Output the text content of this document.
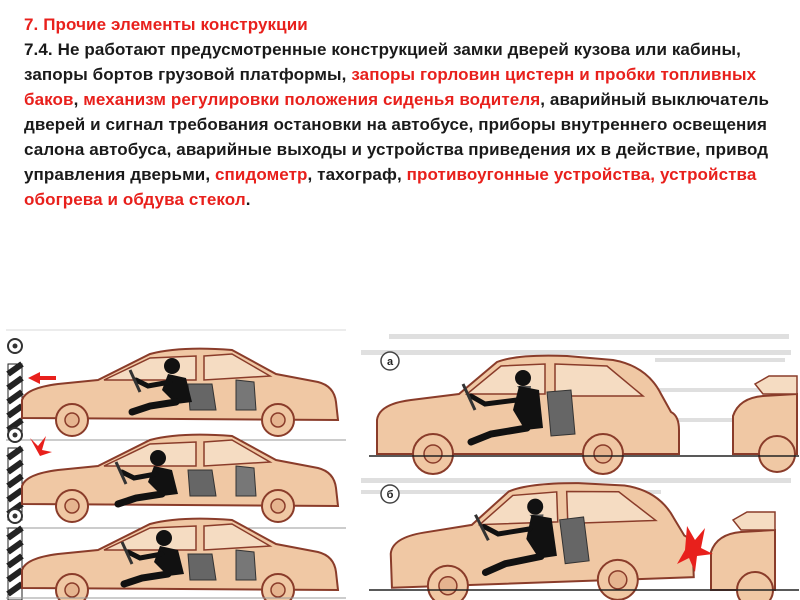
7. Прочие элементы конструкции

7.4. Не работают предусмотренные конструкцией замки дверей кузова или кабины, запоры бортов грузовой платформы, запоры горловин цистерн и пробки топливных баков, механизм регулировки положения сиденья водителя, аварийный выключатель дверей и сигнал требования остановки на автобусе, приборы внутреннего освещения салона автобуса, аварийные выходы и устройства приведения их в действие, привод управления дверьми, спидометр, тахограф, противоугонные устройства, устройства обогрева и обдува стекол.

а
б
